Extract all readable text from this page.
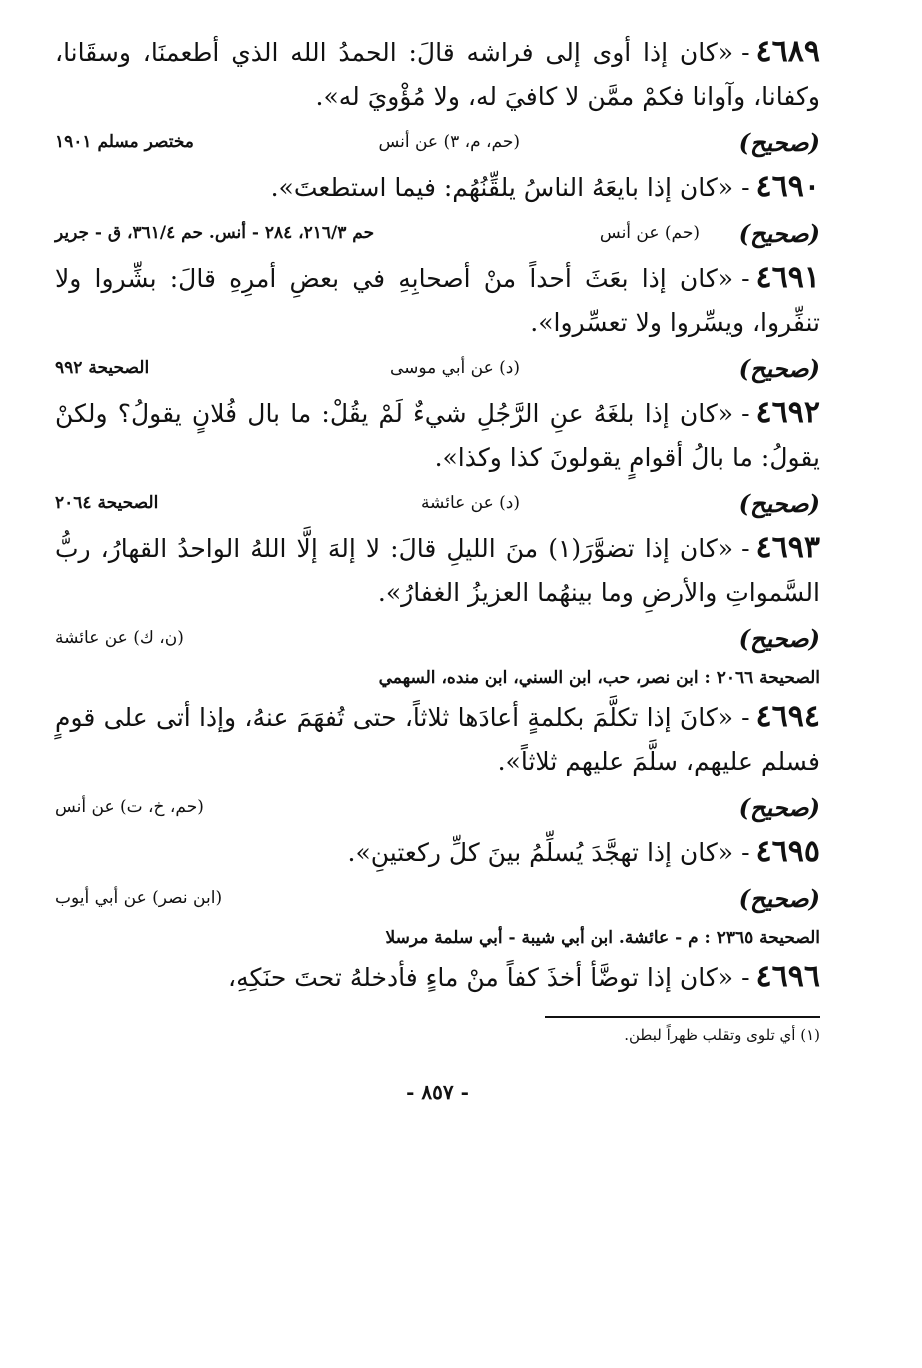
٤٦٨٩-«كان إذا أوى إلى فراشه قالَ: الحمدُ الله الذي أطعمنَا، وسقَانا، وكفانا، وآوانا فكمْ ممَّن لا كافيَ له، ولا مُؤْويَ له».

(صحيح)
(حم، م، ٣) عن أنس
مختصر مسلم ١٩٠١

٤٦٩٠-«كان إذا بايعَهُ الناسُ يلقِّنُهُم: فيما استطعتَ».

(صحيح)
(حم) عن أنس
حم ٢١٦/٣، ٢٨٤ - أنس. حم ٣٦١/٤، ق - جرير

٤٦٩١-«كان إذا بعَثَ أحداً منْ أصحابِهِ في بعضِ أمرِهِ قالَ: بشِّروا ولا تنفِّروا، ويسِّروا ولا تعسِّروا».

(صحيح)
(د) عن أبي موسى
الصحيحة ٩٩٢

٤٦٩٢-«كان إذا بلغَهُ عنِ الرَّجُلِ شيءٌ لَمْ يقُلْ: ما بال فُلانٍ يقولُ؟ ولكنْ يقولُ: ما بالُ أقوامٍ يقولونَ كذا وكذا».

(صحيح)
(د) عن عائشة
الصحيحة ٢٠٦٤

٤٦٩٣-«كان إذا تضوَّرَ(١) منَ الليلِ قالَ: لا إلهَ إلَّا اللهُ الواحدُ القهارُ، ربُّ السَّمواتِ والأرضِ وما بينهُما العزيزُ الغفارُ».

(صحيح)
(ن، ك) عن عائشة
الصحيحة ٢٠٦٦ : ابن نصر، حب، ابن السني، ابن منده، السهمي

٤٦٩٤-«كانَ إذا تكلَّمَ بكلمةٍ أعادَها ثلاثاً، حتى تُفهَمَ عنهُ، وإذا أتى على قومٍ فسلم عليهم، سلَّمَ عليهم ثلاثاً».

(صحيح)
(حم، خ، ت) عن أنس

٤٦٩٥-«كان إذا تهجَّدَ يُسلِّمُ بينَ كلِّ ركعتينِ».

(صحيح)
(ابن نصر) عن أبي أيوب
الصحيحة ٢٣٦٥ : م - عائشة. ابن أبي شيبة - أبي سلمة مرسلا

٤٦٩٦-«كان إذا توضَّأ أخذَ كفاً منْ ماءٍ فأدخلهُ تحتَ حنَكِهِ،

(١) أي تلوى وتقلب ظهراً لبطن.
- ٨٥٧ -
